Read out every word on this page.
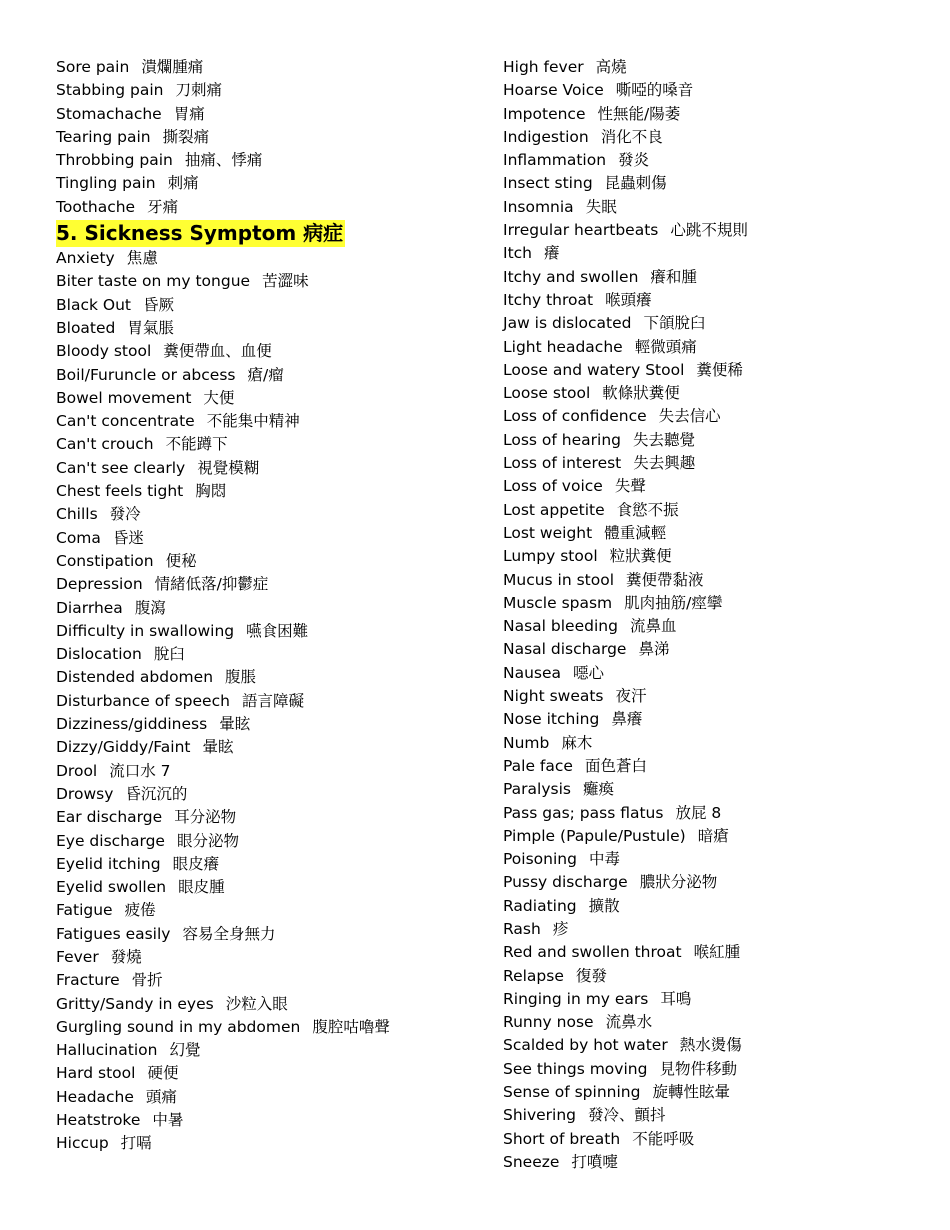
Sore pain 潰爛腫痛
Stabbing pain 刀刺痛
Stomachache 胃痛
Tearing pain 撕裂痛
Throbbing pain 抽痛、悸痛
Tingling pain 刺痛
Toothache 牙痛
5. Sickness Symptom 病症
Anxiety 焦慮
Biter taste on my tongue 苦澀味
Black Out 昏厥
Bloated 胃氣脹
Bloody stool 糞便帶血、血便
Boil/Furuncle or abcess 瘡/瘤
Bowel movement 大便
Can't concentrate 不能集中精神
Can't crouch 不能蹲下
Can't see clearly 視覺模糊
Chest feels tight 胸悶
Chills 發冷
Coma 昏迷
Constipation 便秘
Depression 情緒低落/抑鬱症
Diarrhea 腹瀉
Difficulty in swallowing 嚥食困難
Dislocation 脫臼
Distended abdomen 腹脹
Disturbance of speech 語言障礙
Dizziness/giddiness 暈眩
Dizzy/Giddy/Faint 暈眩
Drool 流口水 7
Drowsy 昏沉沉的
Ear discharge 耳分泌物
Eye discharge 眼分泌物
Eyelid itching 眼皮癢
Eyelid swollen 眼皮腫
Fatigue 疲倦
Fatigues easily 容易全身無力
Fever 發燒
Fracture 骨折
Gritty/Sandy in eyes 沙粒入眼
Gurgling sound in my abdomen 腹腔咕嚕聲
Hallucination 幻覺
Hard stool 硬便
Headache 頭痛
Heatstroke 中暑
Hiccup 打嗝
High fever 高燒
Hoarse Voice 嘶啞的嗓音
Impotence 性無能/陽萎
Indigestion 消化不良
Inflammation 發炎
Insect sting 昆蟲刺傷
Insomnia 失眠
Irregular heartbeats 心跳不規則
Itch 癢
Itchy and swollen 癢和腫
Itchy throat 喉頭癢
Jaw is dislocated 下頜脫臼
Light headache 輕微頭痛
Loose and watery Stool 糞便稀
Loose stool 軟條狀糞便
Loss of confidence 失去信心
Loss of hearing 失去聽覺
Loss of interest 失去興趣
Loss of voice 失聲
Lost appetite 食慾不振
Lost weight 體重減輕
Lumpy stool 粒狀糞便
Mucus in stool 糞便帶黏液
Muscle spasm 肌肉抽筋/痙攣
Nasal bleeding 流鼻血
Nasal discharge 鼻涕
Nausea 噁心
Night sweats 夜汗
Nose itching 鼻癢
Numb 麻木
Pale face 面色蒼白
Paralysis 癱瘓
Pass gas; pass flatus 放屁 8
Pimple (Papule/Pustule) 暗瘡
Poisoning 中毒
Pussy discharge 膿狀分泌物
Radiating 擴散
Rash 疹
Red and swollen throat 喉紅腫
Relapse 復發
Ringing in my ears 耳鳴
Runny nose 流鼻水
Scalded by hot water 熱水燙傷
See things moving 見物件移動
Sense of spinning 旋轉性眩暈
Shivering 發冷、顫抖
Short of breath 不能呼吸
Sneeze 打噴嚏
